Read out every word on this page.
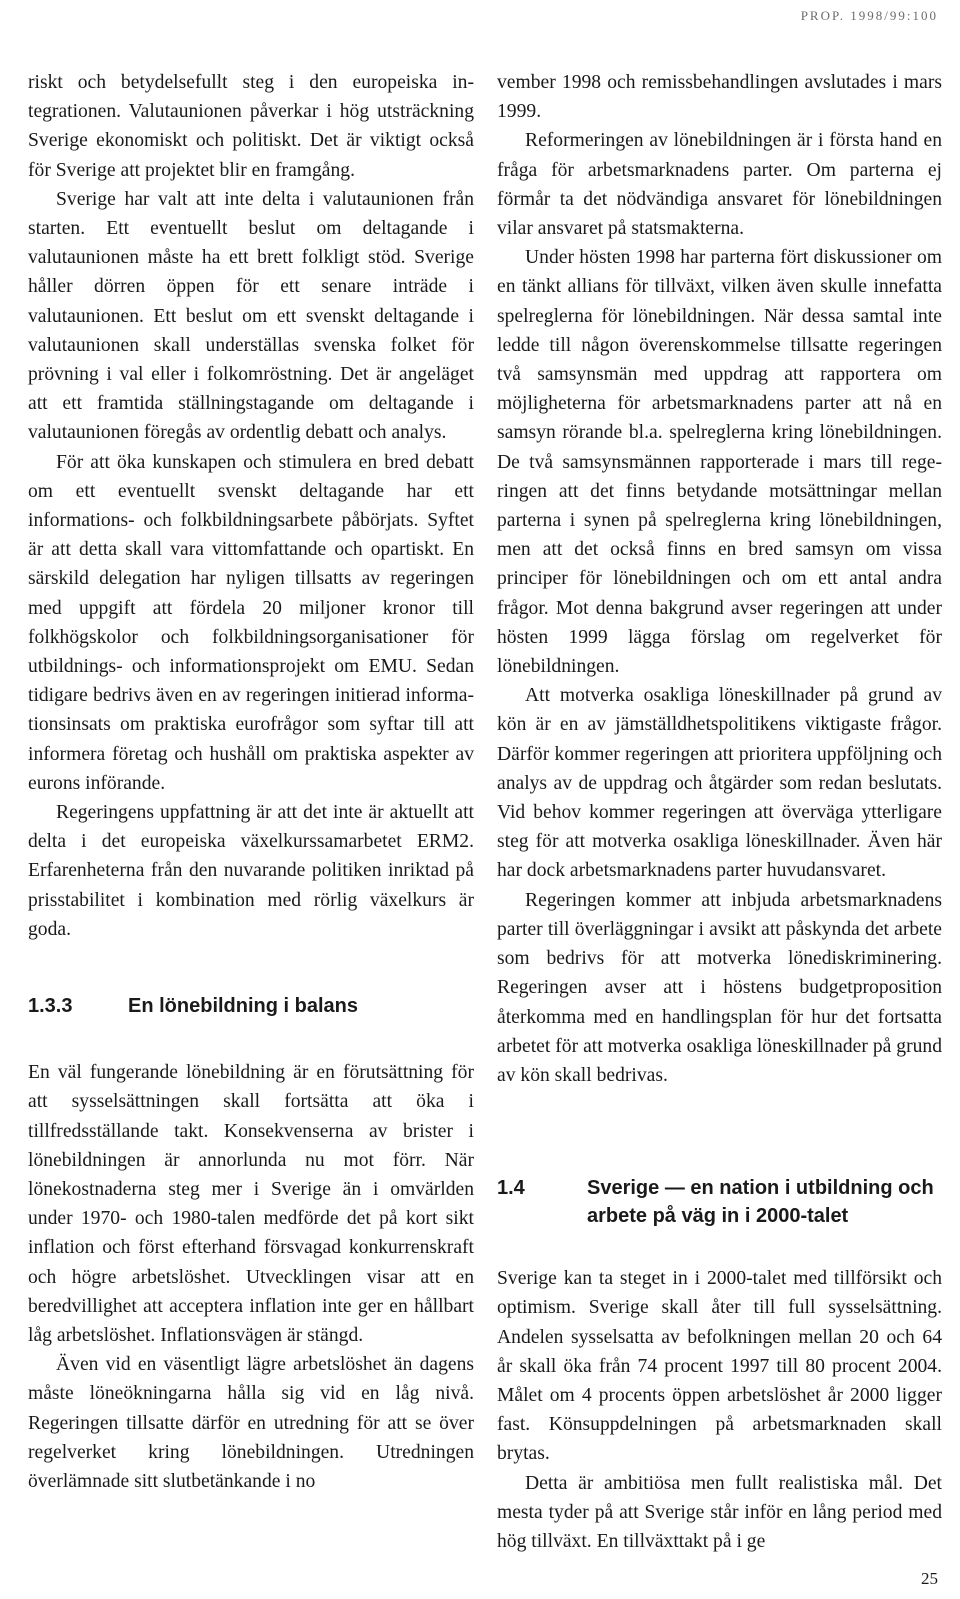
PROP. 1998/99:100

riskt och betydelsefullt steg i den europeiska integrationen. Valutaunionen påverkar i hög utsträckning Sverige ekonomiskt och politiskt. Det är viktigt också för Sverige att projektet blir en framgång.

Sverige har valt att inte delta i valutaunionen från starten. Ett eventuellt beslut om deltagande i valutaunionen måste ha ett brett folkligt stöd. Sverige håller dörren öppen för ett senare inträde i valutaunionen. Ett beslut om ett svenskt deltagande i valutaunionen skall underställas svenska folket för prövning i val eller i folkomröstning. Det är angeläget att ett framtida ställningstagande om deltagande i valutaunionen föregås av ordentlig debatt och analys.

För att öka kunskapen och stimulera en bred debatt om ett eventuellt svenskt deltagande har ett informations- och folkbildningsarbete påbörjats. Syftet är att detta skall vara vittomfattande och opartiskt. En särskild delegation har nyligen tillsatts av regeringen med uppgift att fördela 20 miljoner kronor till folkhögskolor och folkbildningsorganisationer för utbildnings- och informationsprojekt om EMU. Sedan tidigare bedrivs även en av regeringen initierad informationsinsats om praktiska eurofrågor som syftar till att informera företag och hushåll om praktiska aspekter av eurons införande.

Regeringens uppfattning är att det inte är aktuellt att delta i det europeiska växelkurssamarbetet ERM2. Erfarenheterna från den nuvarande politiken inriktad på prisstabilitet i kombination med rörlig växelkurs är goda.

1.3.3	En lönebildning i balans

En väl fungerande lönebildning är en förutsättning för att sysselsättningen skall fortsätta att öka i tillfredsställande takt. Konsekvenserna av brister i lönebildningen är annorlunda nu mot förr. När lönekostnaderna steg mer i Sverige än i omvärlden under 1970- och 1980-talen medförde det på kort sikt inflation och först efterhand försvagad konkurrenskraft och högre arbetslöshet. Utvecklingen visar att en beredvillighet att acceptera inflation inte ger en hållbart låg arbetslöshet. Inflationsvägen är stängd.

Även vid en väsentligt lägre arbetslöshet än dagens måste löneökningarna hålla sig vid en låg nivå. Regeringen tillsatte därför en utredning för att se över regelverket kring lönebildningen. Utredningen överlämnade sitt slutbetänkande i no

vember 1998 och remissbehandlingen avslutades i mars 1999.

Reformeringen av lönebildningen är i första hand en fråga för arbetsmarknadens parter. Om parterna ej förmår ta det nödvändiga ansvaret för lönebildningen vilar ansvaret på statsmakterna.

Under hösten 1998 har parterna fört diskussioner om en tänkt allians för tillväxt, vilken även skulle innefatta spelreglerna för lönebildningen. När dessa samtal inte ledde till någon överenskommelse tillsatte regeringen två samsynsmän med uppdrag att rapportera om möjligheterna för arbetsmarknadens parter att nå en samsyn rörande bl.a. spelreglerna kring lönebildningen. De två samsynsmännen rapporterade i mars till regeringen att det finns betydande motsättningar mellan parterna i synen på spelreglerna kring lönebildningen, men att det också finns en bred samsyn om vissa principer för lönebildningen och om ett antal andra frågor. Mot denna bakgrund avser regeringen att under hösten 1999 lägga förslag om regelverket för lönebildningen.

Att motverka osakliga löneskillnader på grund av kön är en av jämställdhetspolitikens viktigaste frågor. Därför kommer regeringen att prioritera uppföljning och analys av de uppdrag och åtgärder som redan beslutats. Vid behov kommer regeringen att överväga ytterligare steg för att motverka osakliga löneskillnader. Även här har dock arbetsmarknadens parter huvudansvaret.

Regeringen kommer att inbjuda arbetsmarknadens parter till överläggningar i avsikt att påskynda det arbete som bedrivs för att motverka lönediskriminering. Regeringen avser att i höstens budgetproposition återkomma med en handlingsplan för hur det fortsatta arbetet för att motverka osakliga löneskillnader på grund av kön skall bedrivas.

1.4	Sverige — en nation i utbildning och arbete på väg in i 2000-talet

Sverige kan ta steget in i 2000-talet med tillförsikt och optimism. Sverige skall åter till full sysselsättning. Andelen sysselsatta av befolkningen mellan 20 och 64 år skall öka från 74 procent 1997 till 80 procent 2004. Målet om 4 procents öppen arbetslöshet år 2000 ligger fast. Könsuppdelningen på arbetsmarknaden skall brytas.

Detta är ambitiösa men fullt realistiska mål. Det mesta tyder på att Sverige står inför en lång period med hög tillväxt. En tillväxttakt på i ge

25
